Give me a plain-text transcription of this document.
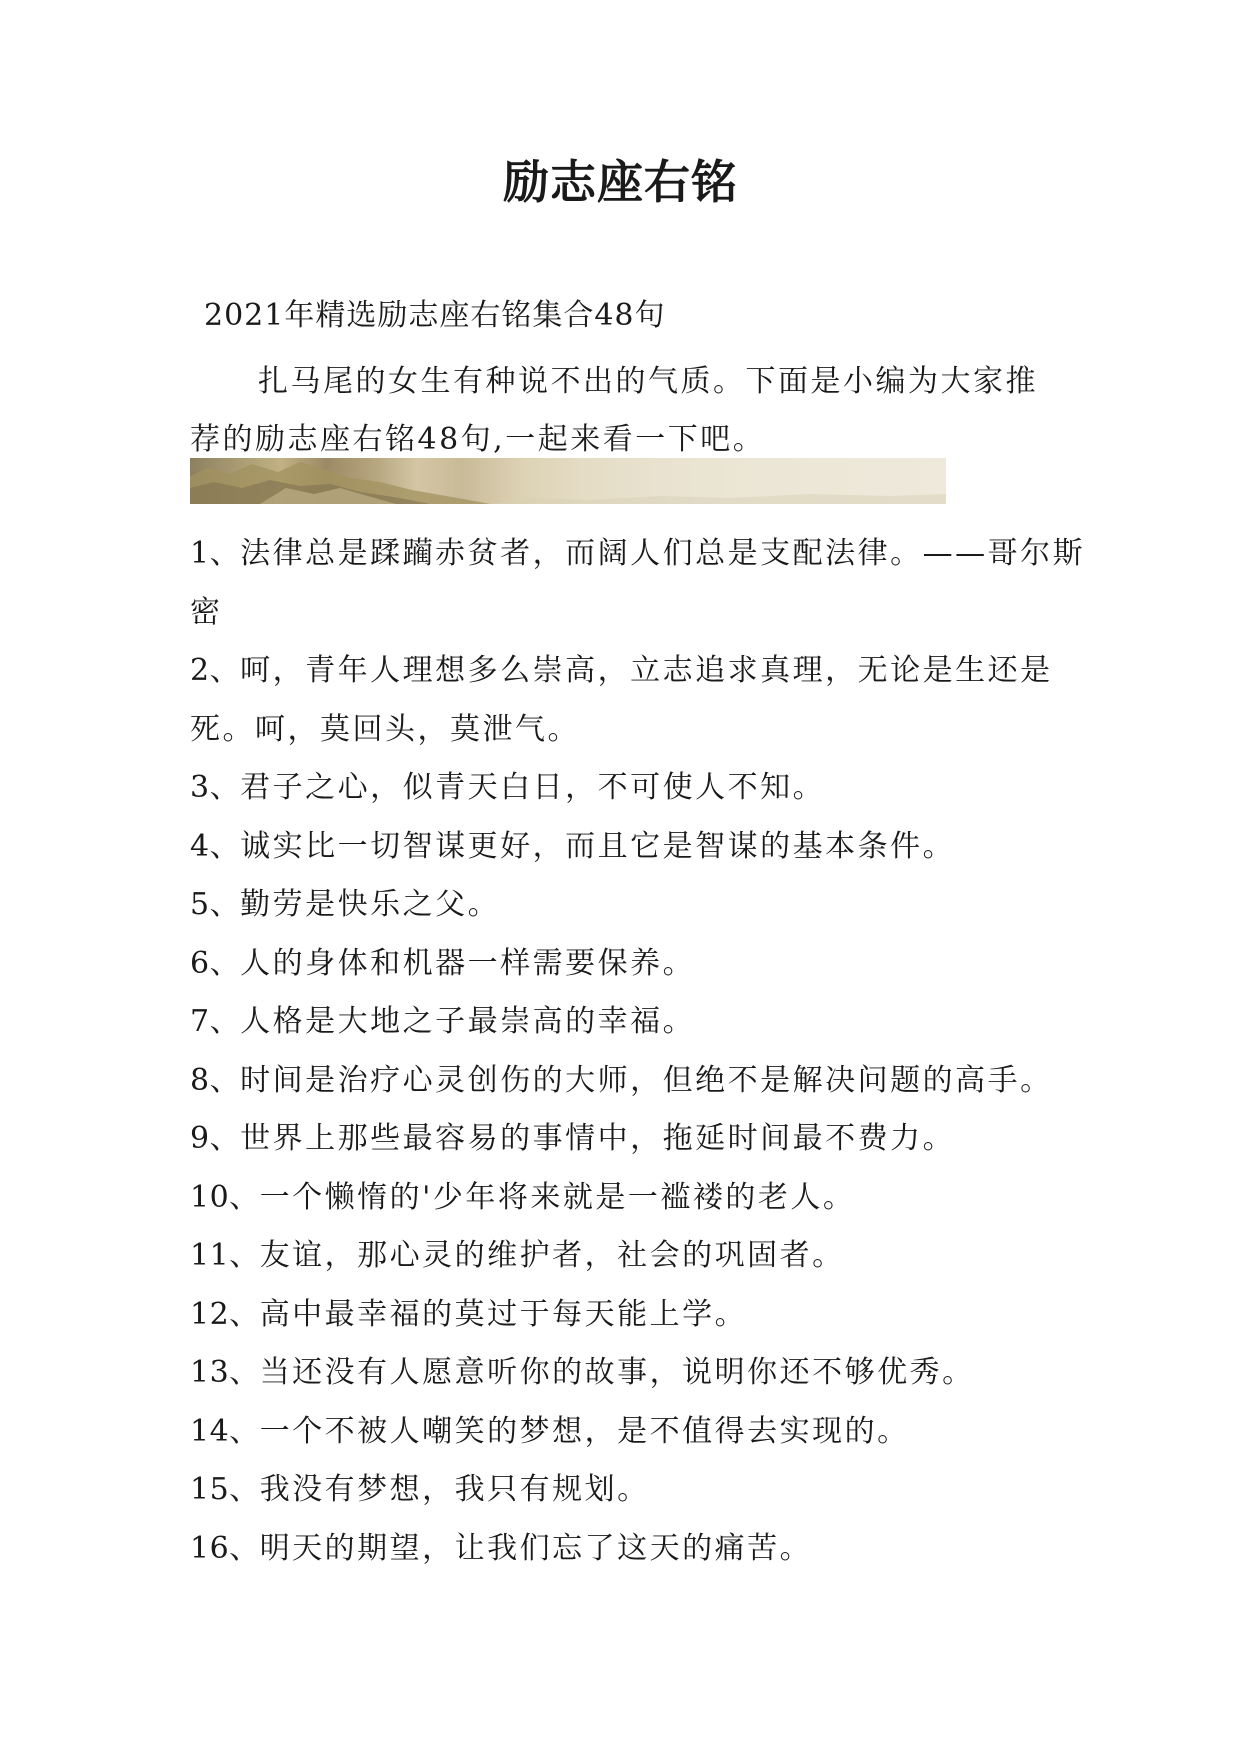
励志座右铭
2021年精选励志座右铭集合48句

扎马尾的女生有种说不出的气质。下面是小编为大家推荐的励志座右铭48句,一起来看一下吧。

1、法律总是蹂躏赤贫者，而阔人们总是支配法律。——哥尔斯密
2、呵，青年人理想多么崇高，立志追求真理，无论是生还是死。呵，莫回头，莫泄气。
3、君子之心，似青天白日，不可使人不知。
4、诚实比一切智谋更好，而且它是智谋的基本条件。
5、勤劳是快乐之父。
6、人的身体和机器一样需要保养。
7、人格是大地之子最崇高的幸福。
8、时间是治疗心灵创伤的大师，但绝不是解决问题的高手。
9、世界上那些最容易的事情中，拖延时间最不费力。
10、一个懒惰的'少年将来就是一褴褛的老人。
11、友谊，那心灵的维护者，社会的巩固者。
12、高中最幸福的莫过于每天能上学。
13、当还没有人愿意听你的故事，说明你还不够优秀。
14、一个不被人嘲笑的梦想，是不值得去实现的。
15、我没有梦想，我只有规划。
16、明天的期望，让我们忘了这天的痛苦。
